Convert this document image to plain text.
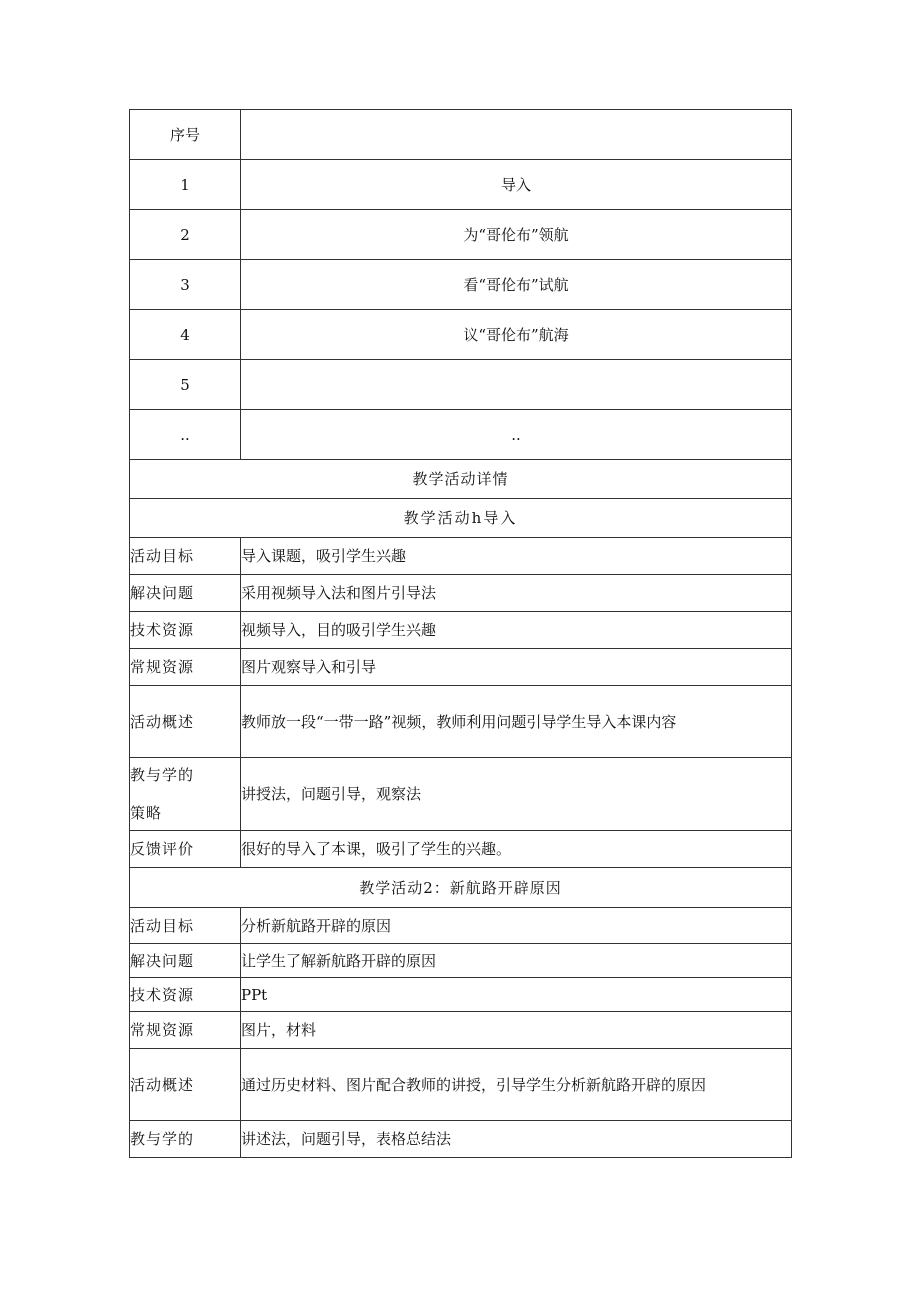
序号	
1	导入
2	为“哥伦布”领航
3	看“哥伦布”试航
4	议“哥伦布”航海
5	
..	..
教学活动详情	
教学活动h导入	
活动目标	导入课题，吸引学生兴趣
解决问题	采用视频导入法和图片引导法
技术资源	视频导入，目的吸引学生兴趣
常规资源	图片观察导入和引导
活动概述	教师放一段“一带一路”视频，教师利用问题引导学生导入本课内容

教与学的
策略	讲授法，问题引导，观察法
反馈评价	很好的导入了本课，吸引了学生的兴趣。
教学活动2：新航路开辟原因	
活动目标	分析新航路开辟的原因
解决问题	让学生了解新航路开辟的原因
技术资源	PPt
常规资源	图片，材料
活动概述	通过历史材料、图片配合教师的讲授，引导学生分析新航路开辟的原因
教与学的	讲述法，问题引导，表格总结法
